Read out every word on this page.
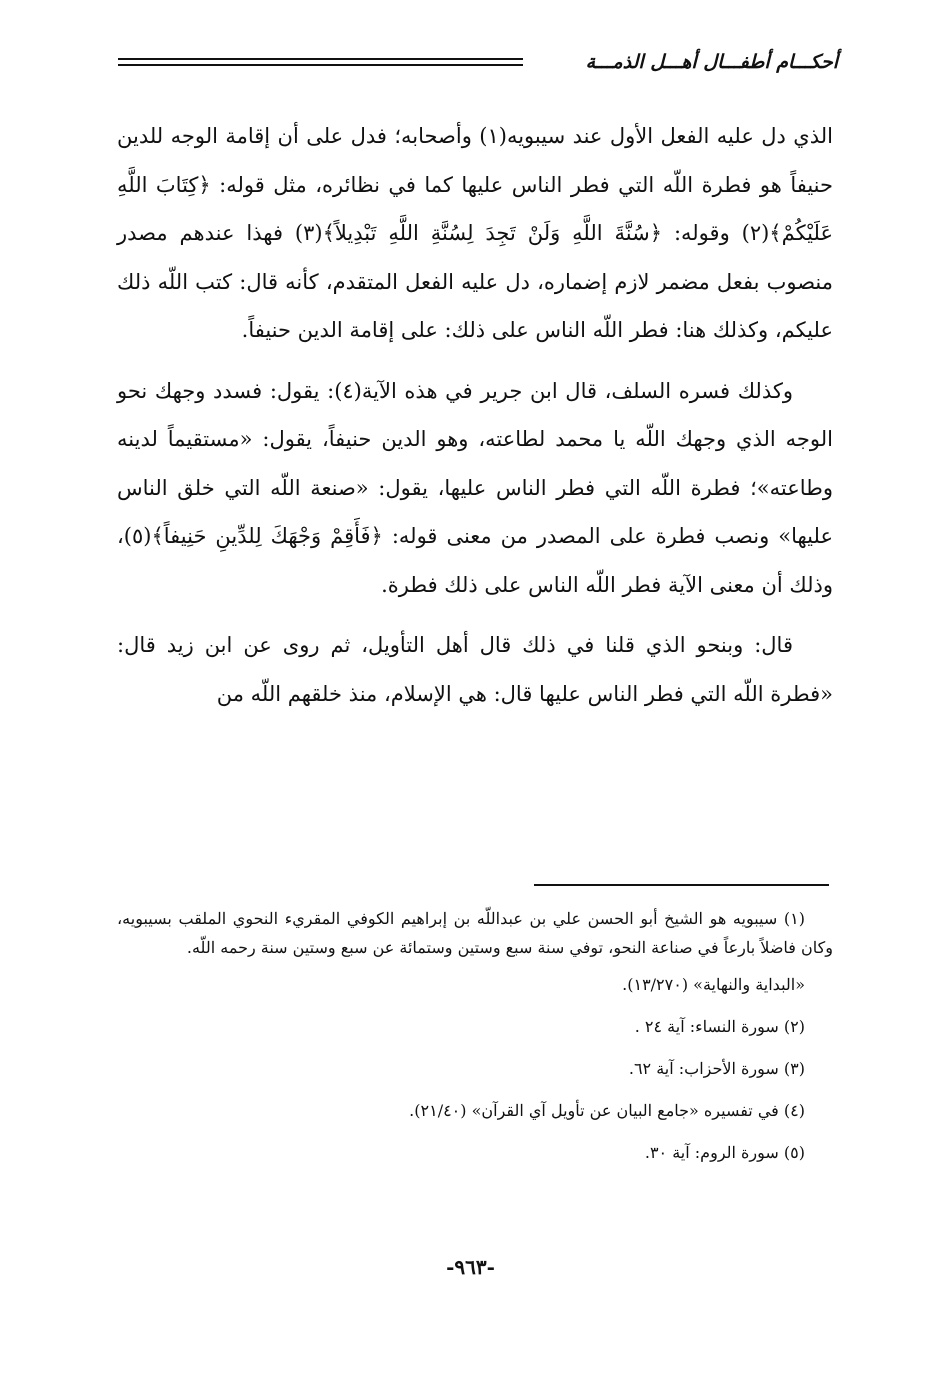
أحكـــام أطفـــال أهـــل الذمـــة

الذي دل عليه الفعل الأول عند سيبويه(١) وأصحابه؛ فدل على أن إقامة الوجه للدين حنيفاً هو فطرة اللّه التي فطر الناس عليها كما في نظائره، مثل قوله: ﴿كِتَابَ اللَّهِ عَلَيْكُمْ﴾(٢) وقوله: ﴿سُنَّةَ اللَّهِ وَلَنْ تَجِدَ لِسُنَّةِ اللَّهِ تَبْدِيلاً﴾(٣) فهذا عندهم مصدر منصوب بفعل مضمر لازم إضماره، دل عليه الفعل المتقدم، كأنه قال: كتب اللّه ذلك عليكم، وكذلك هنا: فطر اللّه الناس على ذلك: على إقامة الدين حنيفاً.

وكذلك فسره السلف، قال ابن جرير في هذه الآية(٤): يقول: فسدد وجهك نحو الوجه الذي وجهك اللّه يا محمد لطاعته، وهو الدين حنيفاً، يقول: «مستقيماً لدينه وطاعته»؛ فطرة اللّه التي فطر الناس عليها، يقول: «صنعة اللّه التي خلق الناس عليها» ونصب فطرة على المصدر من معنى قوله: ﴿فَأَقِمْ وَجْهَكَ لِلدِّينِ حَنِيفاً﴾(٥)، وذلك أن معنى الآية فطر اللّه الناس على ذلك فطرة.

قال: وبنحو الذي قلنا في ذلك قال أهل التأويل، ثم روى عن ابن زيد قال: «فطرة اللّه التي فطر الناس عليها قال: هي الإسلام، منذ خلقهم اللّه من

(١) سيبويه هو الشيخ أبو الحسن علي بن عبداللّه بن إبراهيم الكوفي المقريء النحوي الملقب بسيبويه، وكان فاضلاً بارعاً في صناعة النحو، توفي سنة سبع وستين وستمائة عن سبع وستين سنة رحمه اللّه.

«البداية والنهاية» (١٣/٢٧٠).

(٢) سورة النساء: آية ٢٤ .

(٣) سورة الأحزاب: آية ٦٢.

(٤) في تفسيره «جامع البيان عن تأويل آي القرآن» (٢١/٤٠).

(٥) سورة الروم: آية ٣٠.

-٩٦٣-
